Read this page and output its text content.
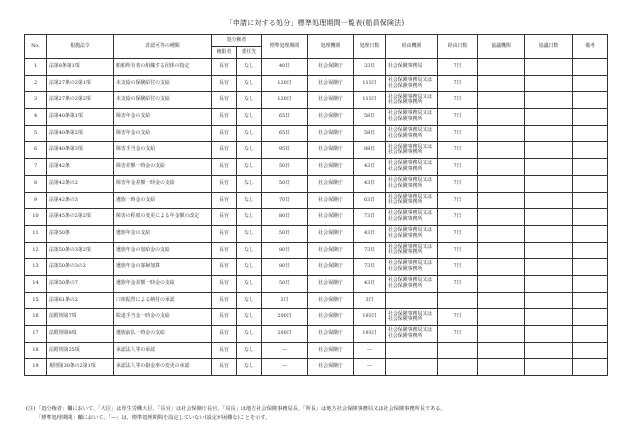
「申請に対する処分」標準処理期間一覧表(船員保険法)
No.	根拠法令	許認可等の種類	処分権者		標準処理期間	処理機関	処理日数	経由機関	経由日数	協議機関	協議日数	備考
			権限者	委任先								
1	法第8条第1項	船舶所有者の組織する団体の指定	長官	なし	40日	社会保険庁	33日	社会保険事務局	7日			
2	法第27条の2第1項	未支給の保険給付の支給	長官	なし	120日	社会保険庁	113日	社会保険事務局又は社会保険事務所	7日			
3	法第27条の2第2項	未支給の保険給付の支給	長官	なし	120日	社会保険庁	113日	社会保険事務局又は社会保険事務所	7日			
4	法第40条第1項	障害年金の支給	長官	なし	65日	社会保険庁	58日	社会保険事務局又は社会保険事務所	7日			
5	法第40条第2項	障害年金の支給	長官	なし	65日	社会保険庁	58日	社会保険事務局又は社会保険事務所	7日			
6	法第40条第3項	障害手当金の支給	長官	なし	95日	社会保険庁	88日	社会保険事務局又は社会保険事務所	7日			
7	法第42条	障害差額一時金の支給	長官	なし	50日	社会保険庁	43日	社会保険事務局又は社会保険事務所	7日			
8	法第42条の2	障害年金差額一時金の支給	長官	なし	50日	社会保険庁	43日	社会保険事務局又は社会保険事務所	7日			
9	法第42条の3	遺族一時金の支給	長官	なし	70日	社会保険庁	63日	社会保険事務局又は社会保険事務所	7日			
10	法第45条の2第2項	障害の程度の変更による年金額の改定	長官	なし	80日	社会保険庁	73日	社会保険事務局又は社会保険事務所	7日			
11	法第50条	遺族年金の支給	長官	なし	50日	社会保険庁	43日	社会保険事務局又は社会保険事務所	7日			
12	法第50条の3第2項	遺族年金の加給金の支給	長官	なし	80日	社会保険庁	73日	社会保険事務局又は社会保険事務所	7日			
13	法第50条の3の2	遺族年金の寡婦加算	長官	なし	80日	社会保険庁	73日	社会保険事務局又は社会保険事務所	7日			
14	法第50条の7	遺族年金差額一時金の支給	長官	なし	50日	社会保険庁	43日	社会保険事務局又は社会保険事務所	7日			
15	法第61条の2	口座振替による納付の承認	長官	なし	3日	社会保険庁	3日					
16	法附則第7項	脱退手当金一時金の支給	長官	なし	200日	社会保険庁	193日	社会保険事務局又は社会保険事務所	7日			
17	法附則第8項	遺族前払一時金の支給	長官	なし	200日	社会保険庁	193日	社会保険事務局又は社会保険事務所	7日			
18	法附則第25項	承認法人等の承認	長官	なし	―	社会保険庁	―					
19	規則第30条の2第1項	承認法人等の掛金率の変更の承認	長官	なし	―	社会保険庁	―					
(注) 「処分権者」欄において、「大臣」は厚生労働大臣、「長官」は社会保険庁長官、「局長」は地方社会保険事務局長、「所長」は地方社会保険事務局又は社会保険事務所長である。
「標準処理期間」欄において、「―」は、標準処理期間を設定していない(設定が困難な)ことを示す。
